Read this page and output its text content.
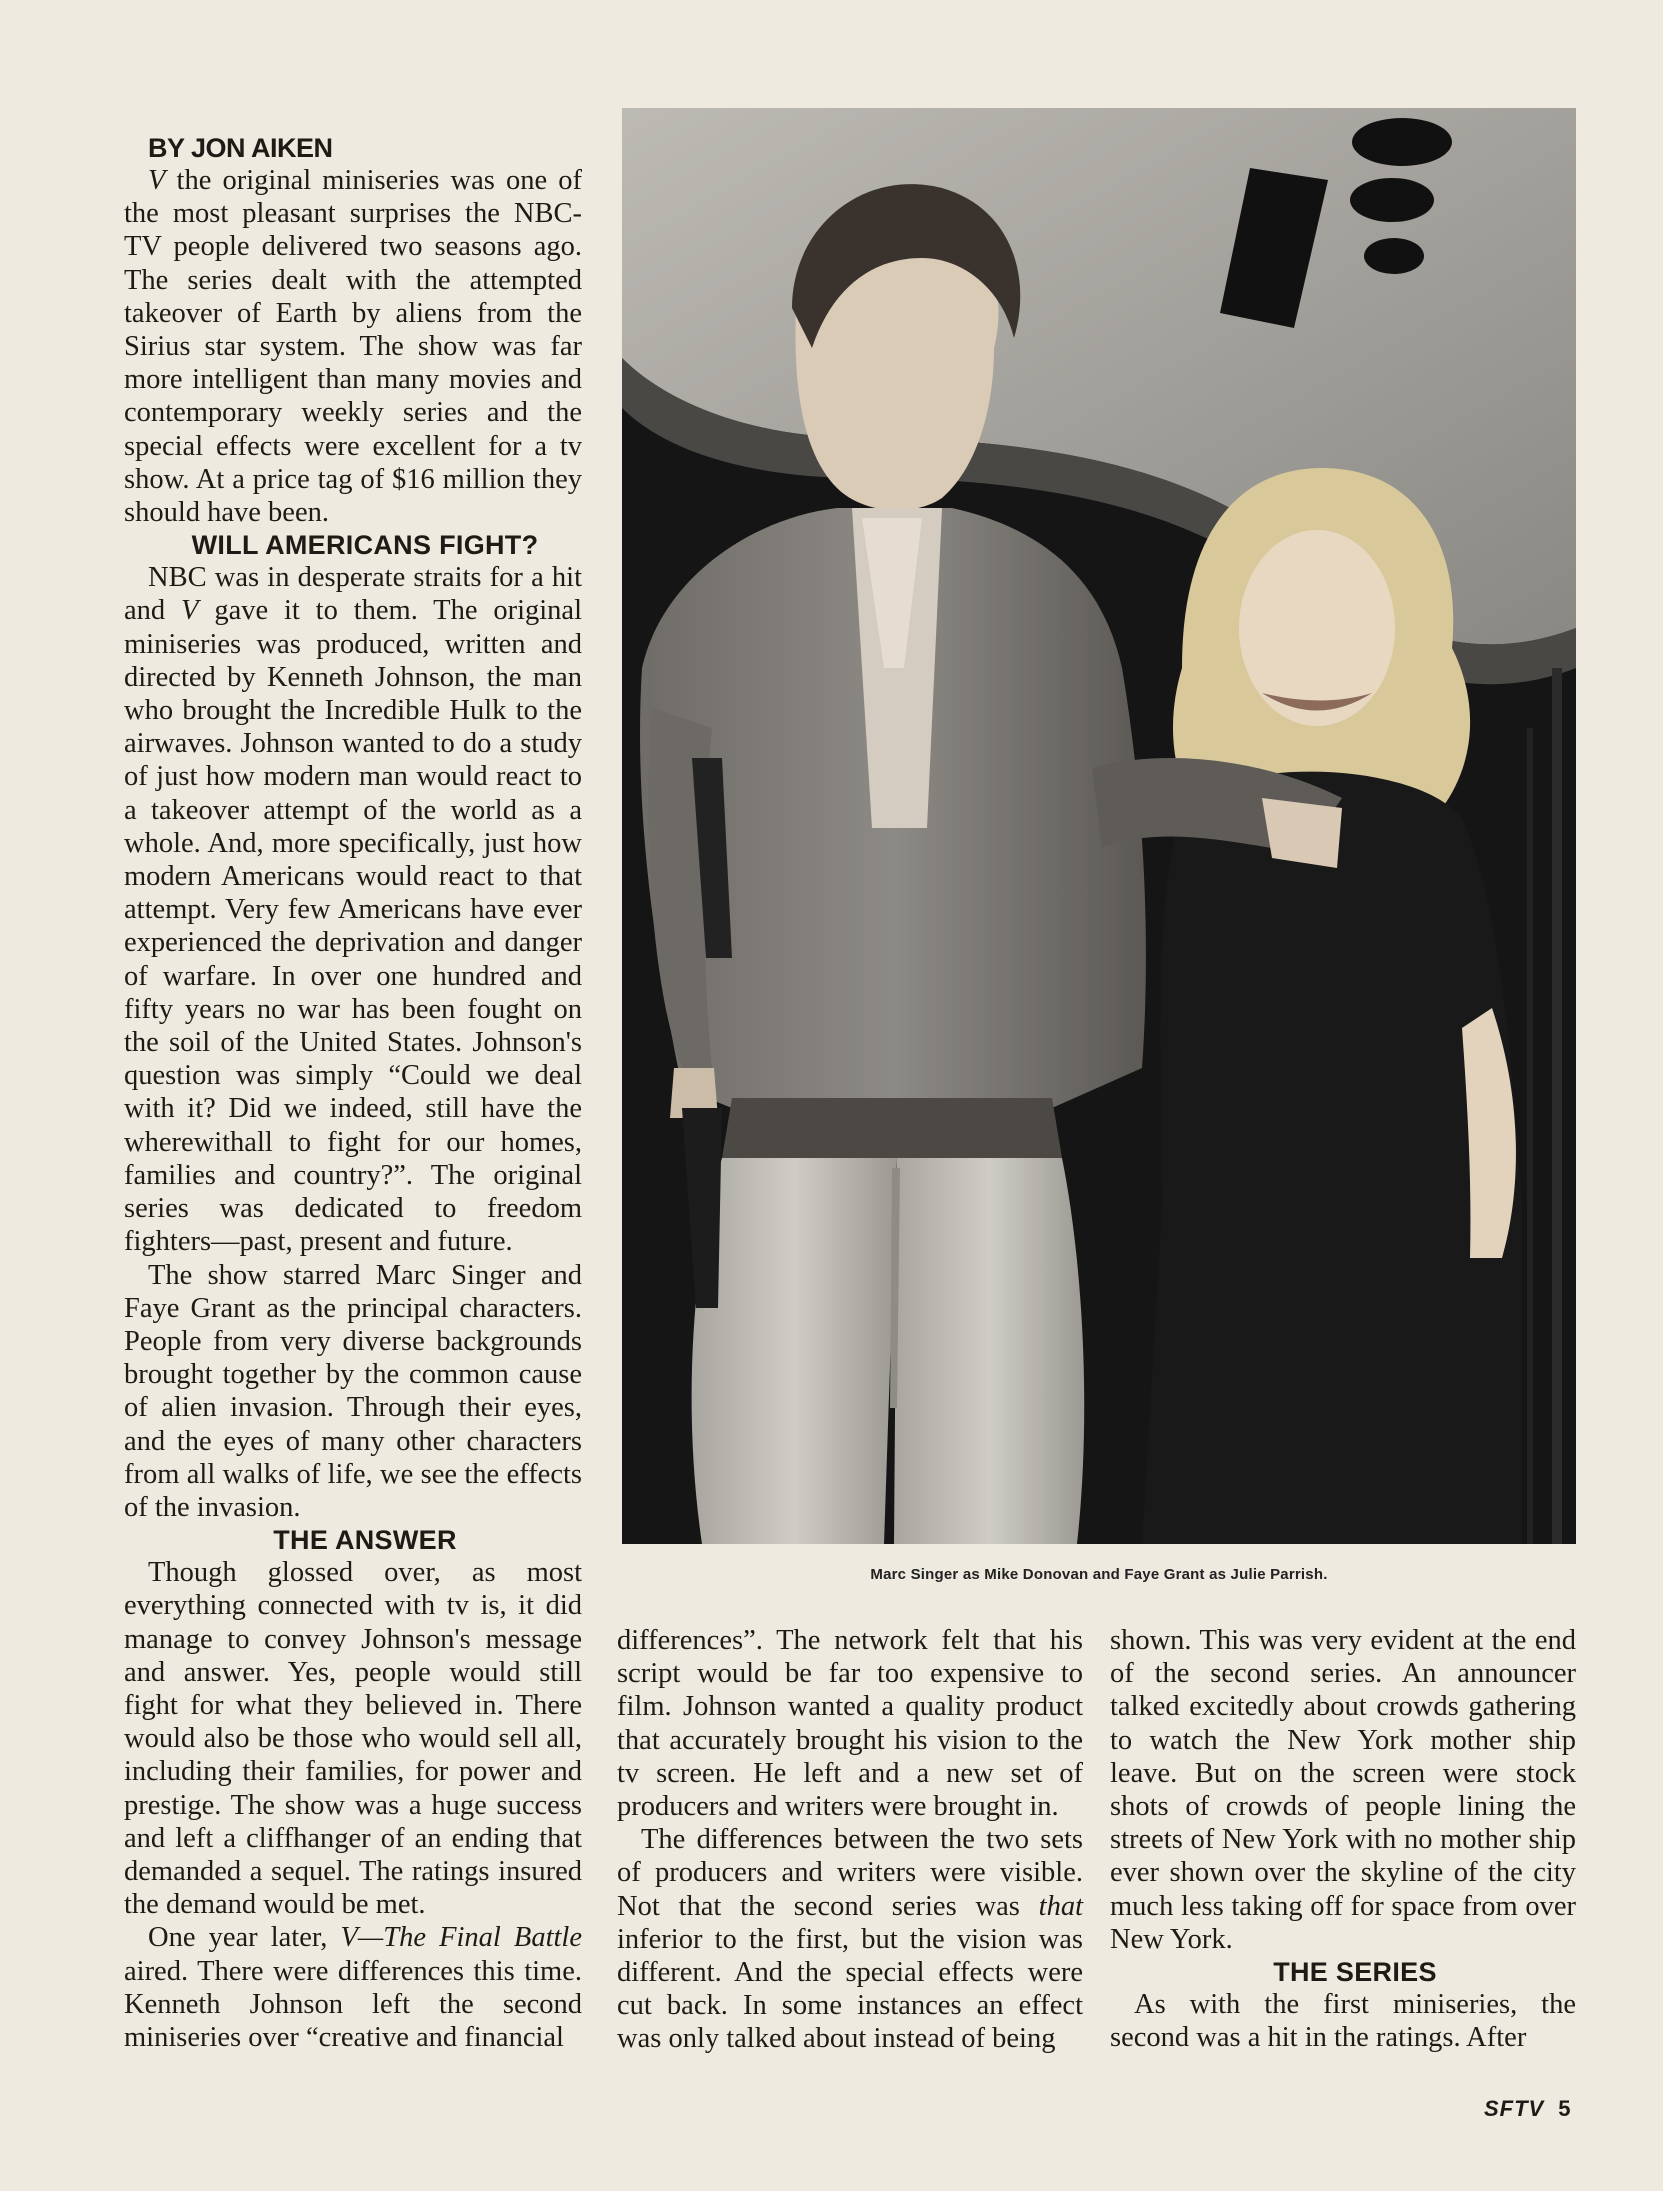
BY JON AIKEN

V the original miniseries was one of the most pleasant surprises the NBC-TV people delivered two seasons ago. The series dealt with the attempted takeover of Earth by aliens from the Sirius star system. The show was far more intelligent than many movies and contemporary weekly series and the special effects were excellent for a tv show. At a price tag of $16 million they should have been.

WILL AMERICANS FIGHT?

NBC was in desperate straits for a hit and V gave it to them. The original miniseries was produced, written and directed by Kenneth Johnson, the man who brought the Incredible Hulk to the airwaves. Johnson wanted to do a study of just how modern man would react to a takeover attempt of the world as a whole. And, more specifically, just how modern Americans would react to that attempt. Very few Americans have ever experienced the deprivation and danger of warfare. In over one hundred and fifty years no war has been fought on the soil of the United States. Johnson's question was simply “Could we deal with it? Did we indeed, still have the wherewithall to fight for our homes, families and country?”. The original series was dedicated to freedom fighters—past, present and future.

The show starred Marc Singer and Faye Grant as the principal characters. People from very diverse backgrounds brought together by the common cause of alien invasion. Through their eyes, and the eyes of many other characters from all walks of life, we see the effects of the invasion.

THE ANSWER

Though glossed over, as most everything connected with tv is, it did manage to convey Johnson's message and answer. Yes, people would still fight for what they believed in. There would also be those who would sell all, including their families, for power and prestige. The show was a huge success and left a cliffhanger of an ending that demanded a sequel. The ratings insured the demand would be met.

One year later, V—The Final Battle aired. There were differences this time. Kenneth Johnson left the second miniseries over “creative and financial

Marc Singer as Mike Donovan and Faye Grant as Julie Parrish.

differences”. The network felt that his script would be far too expensive to film. Johnson wanted a quality product that accurately brought his vision to the tv screen. He left and a new set of producers and writers were brought in.

The differences between the two sets of producers and writers were visible. Not that the second series was that inferior to the first, but the vision was different. And the special effects were cut back. In some instances an effect was only talked about instead of being

shown. This was very evident at the end of the second series. An announcer talked excitedly about crowds gathering to watch the New York mother ship leave. But on the screen were stock shots of crowds of people lining the streets of New York with no mother ship ever shown over the skyline of the city much less taking off for space from over New York.

THE SERIES

As with the first miniseries, the second was a hit in the ratings. After

SFTV 5
